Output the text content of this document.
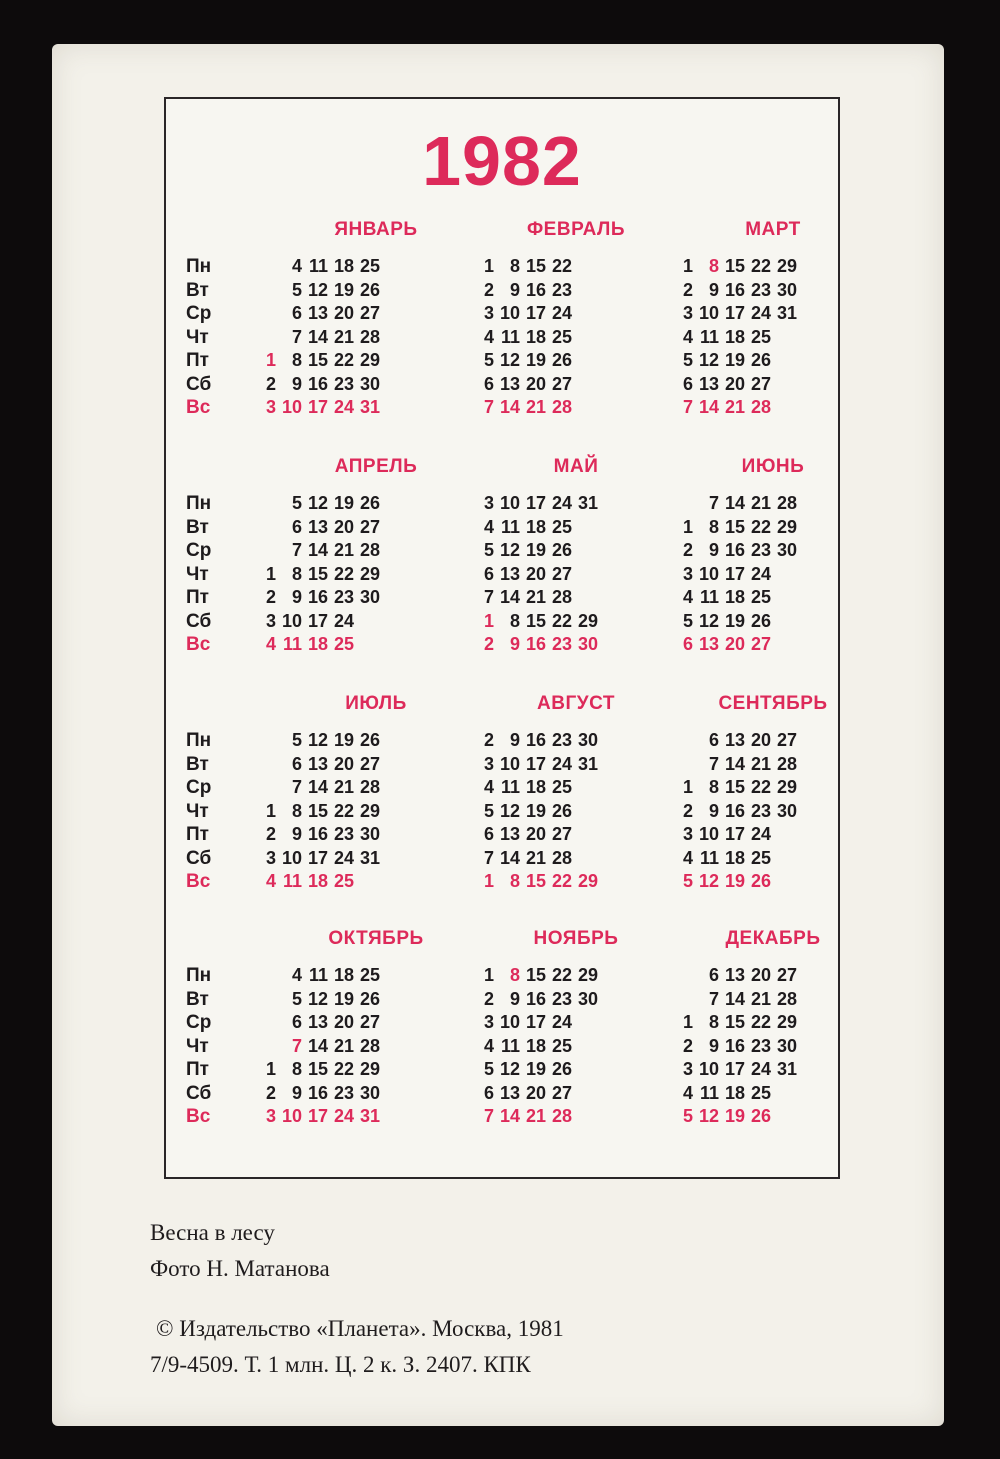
1982
ЯНВАРЬ
Пн
Вт
Ср
Чт
Пт
Сб
Вс
4 11 18 25
5 12 19 26
6 13 20 27
7 14 21 28
1 8 15 22 29
2 9 16 23 30
3 10 17 24 31
ФЕВРАЛЬ
1 8 15 22
2 9 16 23
3 10 17 24
4 11 18 25
5 12 19 26
6 13 20 27
7 14 21 28
МАРТ
1 8 15 22 29
2 9 16 23 30
3 10 17 24 31
4 11 18 25
5 12 19 26
6 13 20 27
7 14 21 28
АПРЕЛЬ
Пн
Вт
Ср
Чт
Пт
Сб
Вс
5 12 19 26
6 13 20 27
7 14 21 28
1 8 15 22 29
2 9 16 23 30
3 10 17 24
4 11 18 25
МАЙ
3 10 17 24 31
4 11 18 25
5 12 19 26
6 13 20 27
7 14 21 28
1 8 15 22 29
2 9 16 23 30
ИЮНЬ
7 14 21 28
1 8 15 22 29
2 9 16 23 30
3 10 17 24
4 11 18 25
5 12 19 26
6 13 20 27
ИЮЛЬ
Пн
Вт
Ср
Чт
Пт
Сб
Вс
5 12 19 26
6 13 20 27
7 14 21 28
1 8 15 22 29
2 9 16 23 30
3 10 17 24 31
4 11 18 25
АВГУСТ
2 9 16 23 30
3 10 17 24 31
4 11 18 25
5 12 19 26
6 13 20 27
7 14 21 28
1 8 15 22 29
СЕНТЯБРЬ
6 13 20 27
7 14 21 28
1 8 15 22 29
2 9 16 23 30
3 10 17 24
4 11 18 25
5 12 19 26
ОКТЯБРЬ
Пн
Вт
Ср
Чт
Пт
Сб
Вс
4 11 18 25
5 12 19 26
6 13 20 27
7 14 21 28
1 8 15 22 29
2 9 16 23 30
3 10 17 24 31
НОЯБРЬ
1 8 15 22 29
2 9 16 23 30
3 10 17 24
4 11 18 25
5 12 19 26
6 13 20 27
7 14 21 28
ДЕКАБРЬ
6 13 20 27
7 14 21 28
1 8 15 22 29
2 9 16 23 30
3 10 17 24 31
4 11 18 25
5 12 19 26
Весна в лесу
Фото Н. Матанова
© Издательство «Планета». Москва, 1981
7/9-4509. Т. 1 млн. Ц. 2 к. З. 2407. КПК
